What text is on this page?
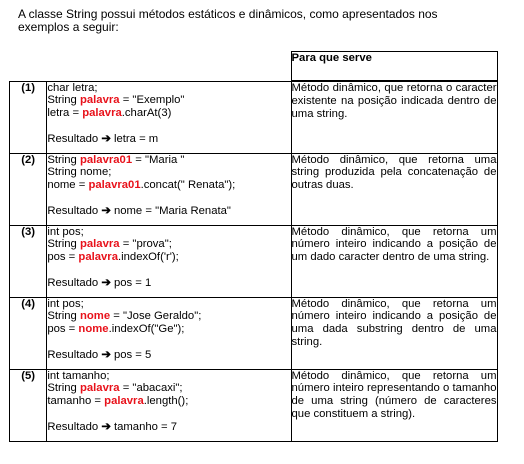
A classe String possui métodos estáticos e dinâmicos, como apresentados nos
exemplos a seguir:
		Para que serve
(1)	char letra;
String palavra = "Exemplo"
letra = palavra.charAt(3)
Resultado ➔ letra = m	Método dinâmico, que retorna o caracter existente na posição indicada dentro de uma string.

(2)	String palavra01 = "Maria "
String nome;
nome = palavra01.concat(" Renata");
Resultado ➔ nome = "Maria Renata"	Método dinâmico, que retorna uma string produzida pela concatenação de outras duas.

(3)	int pos;
String palavra = "prova";
pos = palavra.indexOf('r');
Resultado ➔ pos = 1	Método dinâmico, que retorna um número inteiro indicando a posição de um dado caracter dentro de uma string.

(4)	int pos;
String nome = "Jose Geraldo";
pos = nome.indexOf("Ge");
Resultado ➔ pos = 5	Método dinâmico, que retorna um número inteiro indicando a posição de uma dada substring dentro de uma string.

(5)	int tamanho;
String palavra = "abacaxi";
tamanho = palavra.length();
Resultado ➔ tamanho = 7	Método dinâmico, que retorna um número inteiro representando o tamanho de uma string (número de caracteres que constituem a string).
